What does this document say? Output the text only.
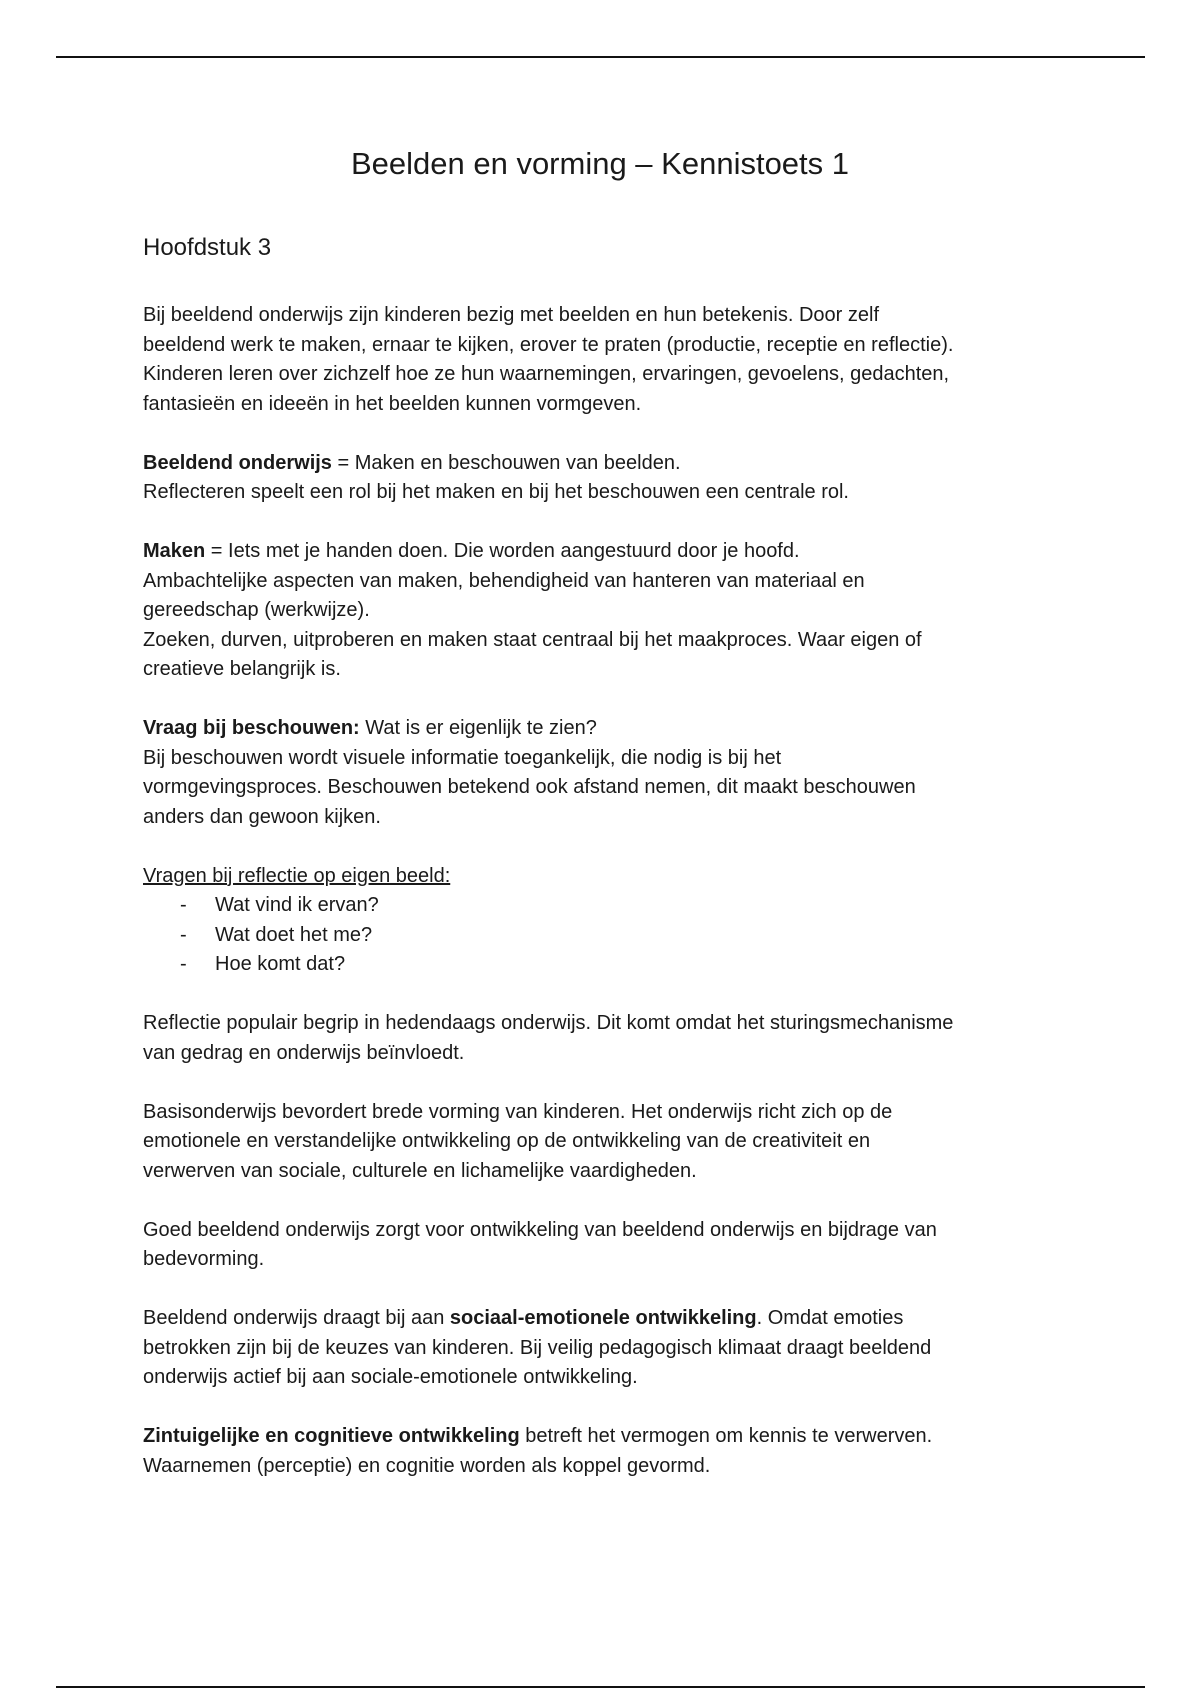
Beelden en vorming – Kennistoets 1
Hoofdstuk 3

Bij beeldend onderwijs zijn kinderen bezig met beelden en hun betekenis. Door zelf
beeldend werk te maken, ernaar te kijken, erover te praten (productie, receptie en reflectie).
Kinderen leren over zichzelf hoe ze hun waarnemingen, ervaringen, gevoelens, gedachten,
fantasieën en ideeën in het beelden kunnen vormgeven.

Beeldend onderwijs = Maken en beschouwen van beelden.
Reflecteren speelt een rol bij het maken en bij het beschouwen een centrale rol.

Maken = Iets met je handen doen. Die worden aangestuurd door je hoofd.
Ambachtelijke aspecten van maken, behendigheid van hanteren van materiaal en
gereedschap (werkwijze).
Zoeken, durven, uitproberen en maken staat centraal bij het maakproces. Waar eigen of
creatieve belangrijk is.

Vraag bij beschouwen: Wat is er eigenlijk te zien?
Bij beschouwen wordt visuele informatie toegankelijk, die nodig is bij het
vormgevingsproces. Beschouwen betekend ook afstand nemen, dit maakt beschouwen
anders dan gewoon kijken.

Vragen bij reflectie op eigen beeld:
- Wat vind ik ervan?
- Wat doet het me?
- Hoe komt dat?

Reflectie populair begrip in hedendaags onderwijs. Dit komt omdat het sturingsmechanisme
van gedrag en onderwijs beïnvloedt.

Basisonderwijs bevordert brede vorming van kinderen. Het onderwijs richt zich op de
emotionele en verstandelijke ontwikkeling op de ontwikkeling van de creativiteit en
verwerven van sociale, culturele en lichamelijke vaardigheden.

Goed beeldend onderwijs zorgt voor ontwikkeling van beeldend onderwijs en bijdrage van
bedevorming.

Beeldend onderwijs draagt bij aan sociaal-emotionele ontwikkeling. Omdat emoties
betrokken zijn bij de keuzes van kinderen. Bij veilig pedagogisch klimaat draagt beeldend
onderwijs actief bij aan sociale-emotionele ontwikkeling.

Zintuigelijke en cognitieve ontwikkeling betreft het vermogen om kennis te verwerven.
Waarnemen (perceptie) en cognitie worden als koppel gevormd.
